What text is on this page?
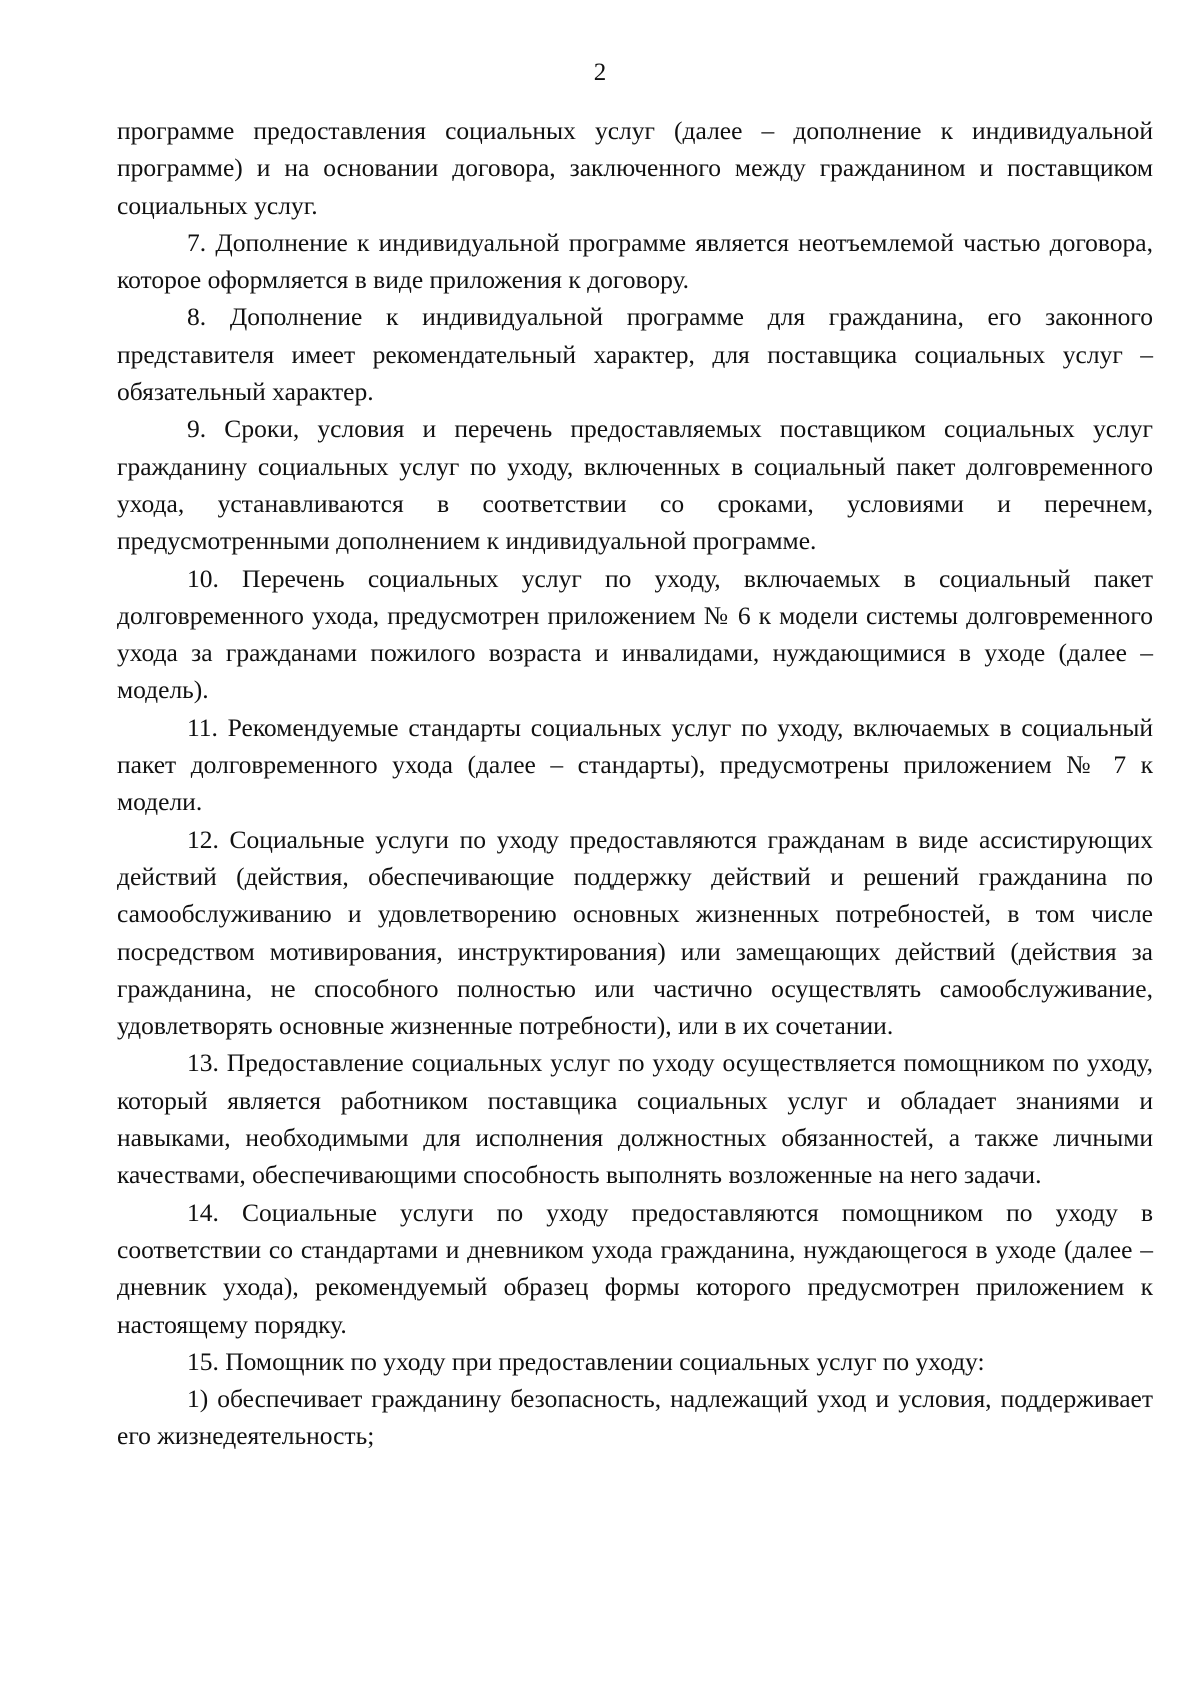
2

программе предоставления социальных услуг (далее – дополнение к индивидуальной программе) и на основании договора, заключенного между гражданином и поставщиком социальных услуг.

7. Дополнение к индивидуальной программе является неотъемлемой частью договора, которое оформляется в виде приложения к договору.

8. Дополнение к индивидуальной программе для гражданина, его законного представителя имеет рекомендательный характер, для поставщика социальных услуг – обязательный характер.

9. Сроки, условия и перечень предоставляемых поставщиком социальных услуг гражданину социальных услуг по уходу, включенных в социальный пакет долговременного ухода, устанавливаются в соответствии со сроками, условиями и перечнем, предусмотренными дополнением к индивидуальной программе.

10. Перечень социальных услуг по уходу, включаемых в социальный пакет долговременного ухода, предусмотрен приложением № 6 к модели системы долговременного ухода за гражданами пожилого возраста и инвалидами, нуждающимися в уходе (далее – модель).

11. Рекомендуемые стандарты социальных услуг по уходу, включаемых в социальный пакет долговременного ухода (далее – стандарты), предусмотрены приложением № 7 к модели.

12. Социальные услуги по уходу предоставляются гражданам в виде ассистирующих действий (действия, обеспечивающие поддержку действий и решений гражданина по самообслуживанию и удовлетворению основных жизненных потребностей, в том числе посредством мотивирования, инструктирования) или замещающих действий (действия за гражданина, не способного полностью или частично осуществлять самообслуживание, удовлетворять основные жизненные потребности), или в их сочетании.

13. Предоставление социальных услуг по уходу осуществляется помощником по уходу, который является работником поставщика социальных услуг и обладает знаниями и навыками, необходимыми для исполнения должностных обязанностей, а также личными качествами, обеспечивающими способность выполнять возложенные на него задачи.

14. Социальные услуги по уходу предоставляются помощником по уходу в соответствии со стандартами и дневником ухода гражданина, нуждающегося в уходе (далее – дневник ухода), рекомендуемый образец формы которого предусмотрен приложением к настоящему порядку.

15. Помощник по уходу при предоставлении социальных услуг по уходу:

1) обеспечивает гражданину безопасность, надлежащий уход и условия, поддерживает его жизнедеятельность;
